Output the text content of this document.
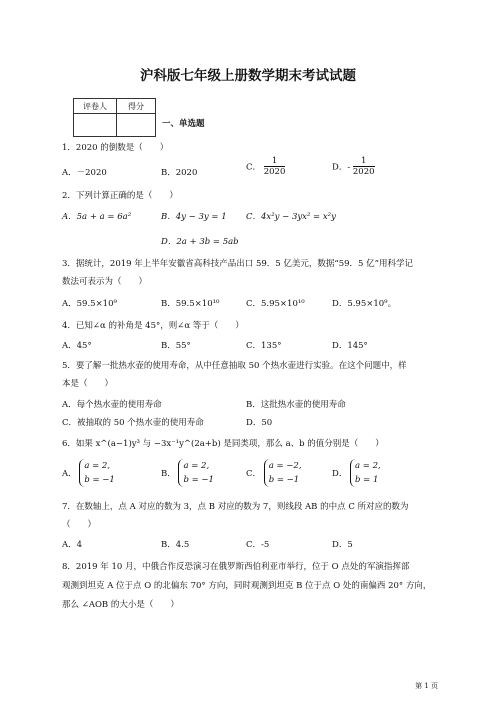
沪科版七年级上册数学期末考试试题
评卷人	得分

一、单选题
1．2020 的倒数是（　　）
A．－2020	B．2020
C． $\frac{1}{2020}$	D．- $\frac{1}{2020}$
2．下列计算正确的是（　　）
A．5a + a = 6a²	B．4y − 3y = 1 C．4x²y − 3yx² = x²y
D．2a + 3b = 5ab
3．据统计，2019 年上半年安徽省高科技产品出口 59．5 亿美元，数据“59．5 亿”用科学记
数法可表示为（　　）
A．59.5×10⁹	B．59.5×10¹⁰	C．5.95×10¹⁰	D．5.95×10⁹。
4．已知∠α 的补角是 45°，则∠α 等于（　　）
A．45°	B．55°	C．135°	D．145°
5．要了解一批热水壶的使用寿命，从中任意抽取 50 个热水壶进行实验。在这个问题中，样
本是（　　）
A．每个热水壶的使用寿命	B．这批热水壶的使用寿命
C．被抽取的 50 个热水壶的使用寿命	D．50
6．如果 x^(a−1)y³ 与 −3x⁻¹y^(2a+b) 是同类项，那么 a、b 的值分别是（　　）
A．
a = 2,
b = −1
B．
a = 2,
b = −1
C．
a = −2,
b = −1
D．
a = 2,
b = 1
7．在数轴上，点 A 对应的数为 3，点 B 对应的数为 7，则线段 AB 的中点 C 所对应的数为
（　　）
A．4	B．4.5	C．-5	D．5
8．2019 年 10 月，中俄合作反恐演习在俄罗斯西伯利亚市举行，位于 O 点处的军演指挥部
观测到坦克 A 位于点 O 的北偏东 70° 方向，同时观测到坦克 B 位于点 O 处的南偏西 20° 方向，
那么 ∠AOB 的大小是（　　）
第 1 页
